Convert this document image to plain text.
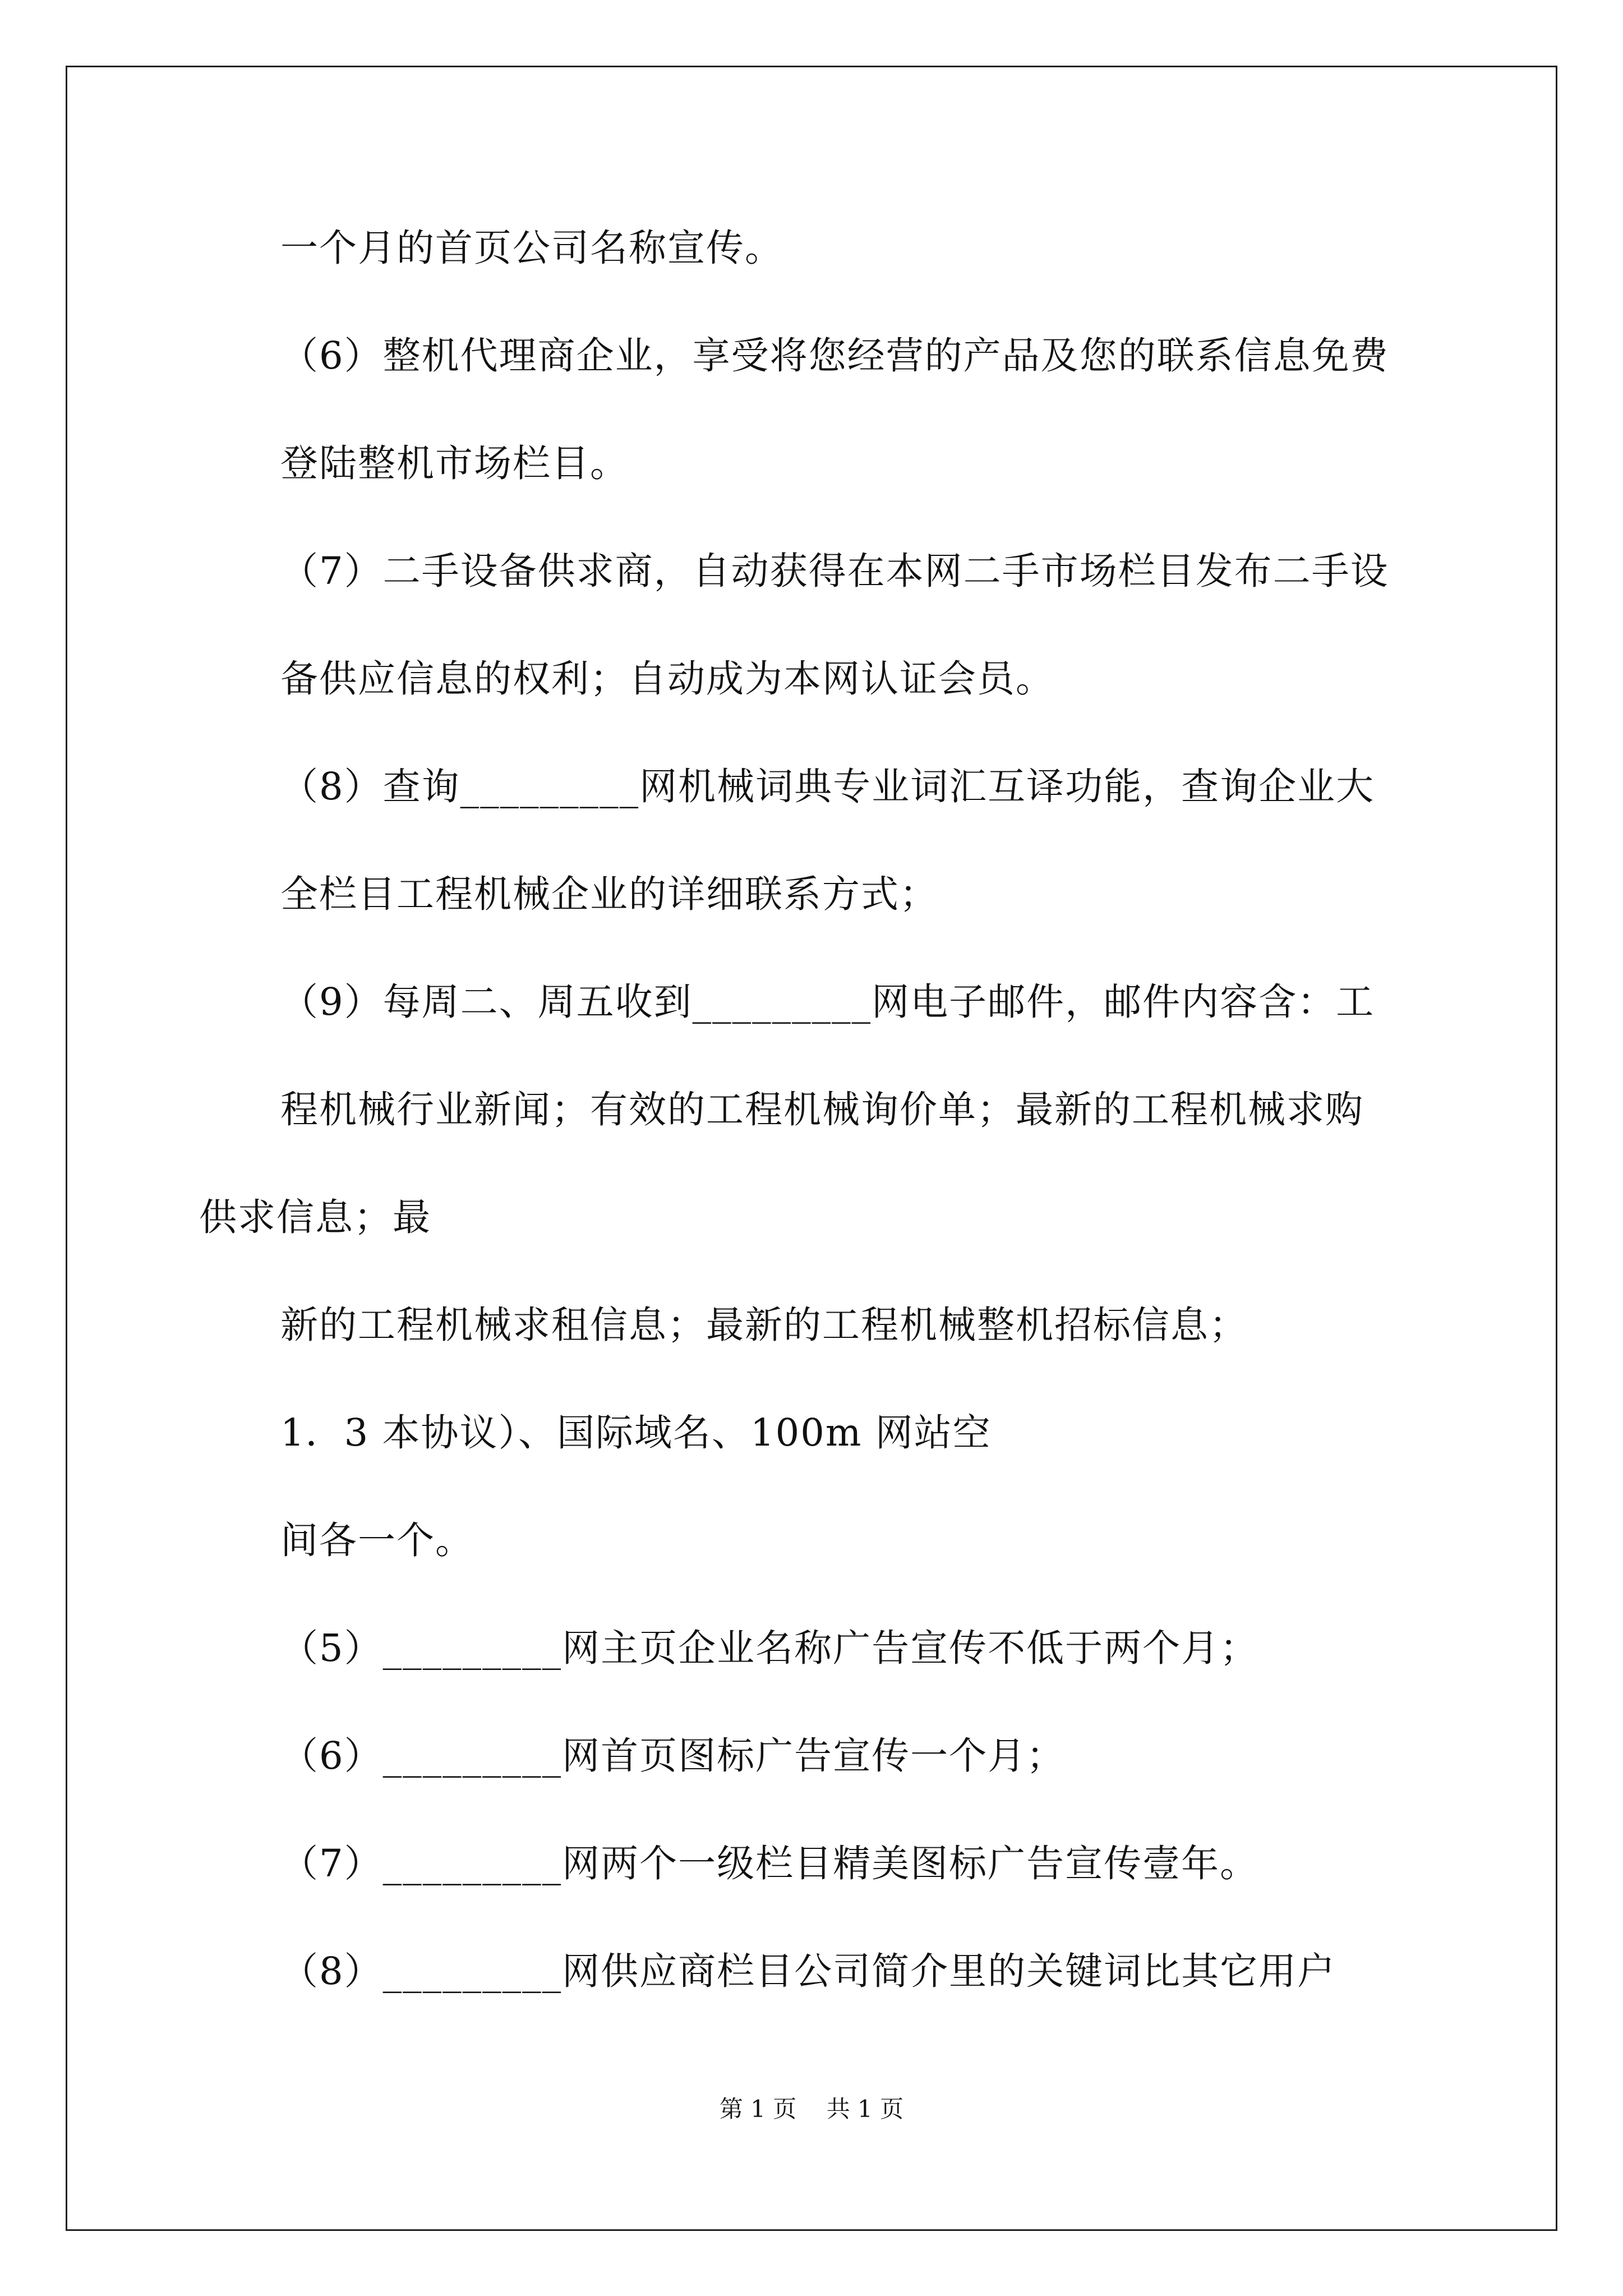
一个月的首页公司名称宣传。
（6）整机代理商企业，享受将您经营的产品及您的联系信息免费
登陆整机市场栏目。
（7）二手设备供求商，自动获得在本网二手市场栏目发布二手设
备供应信息的权利；自动成为本网认证会员。
（8）查询_________网机械词典专业词汇互译功能，查询企业大
全栏目工程机械企业的详细联系方式；
（9）每周二、周五收到_________网电子邮件，邮件内容含：工
程机械行业新闻；有效的工程机械询价单；最新的工程机械求购
供求信息；最
新的工程机械求租信息；最新的工程机械整机招标信息；
1．3 本协议）、国际域名、100m 网站空
间各一个。
（5）_________网主页企业名称广告宣传不低于两个月；
（6）_________网首页图标广告宣传一个月；
（7）_________网两个一级栏目精美图标广告宣传壹年。
（8）_________网供应商栏目公司简介里的关键词比其它用户
第 1 页    共 1 页
